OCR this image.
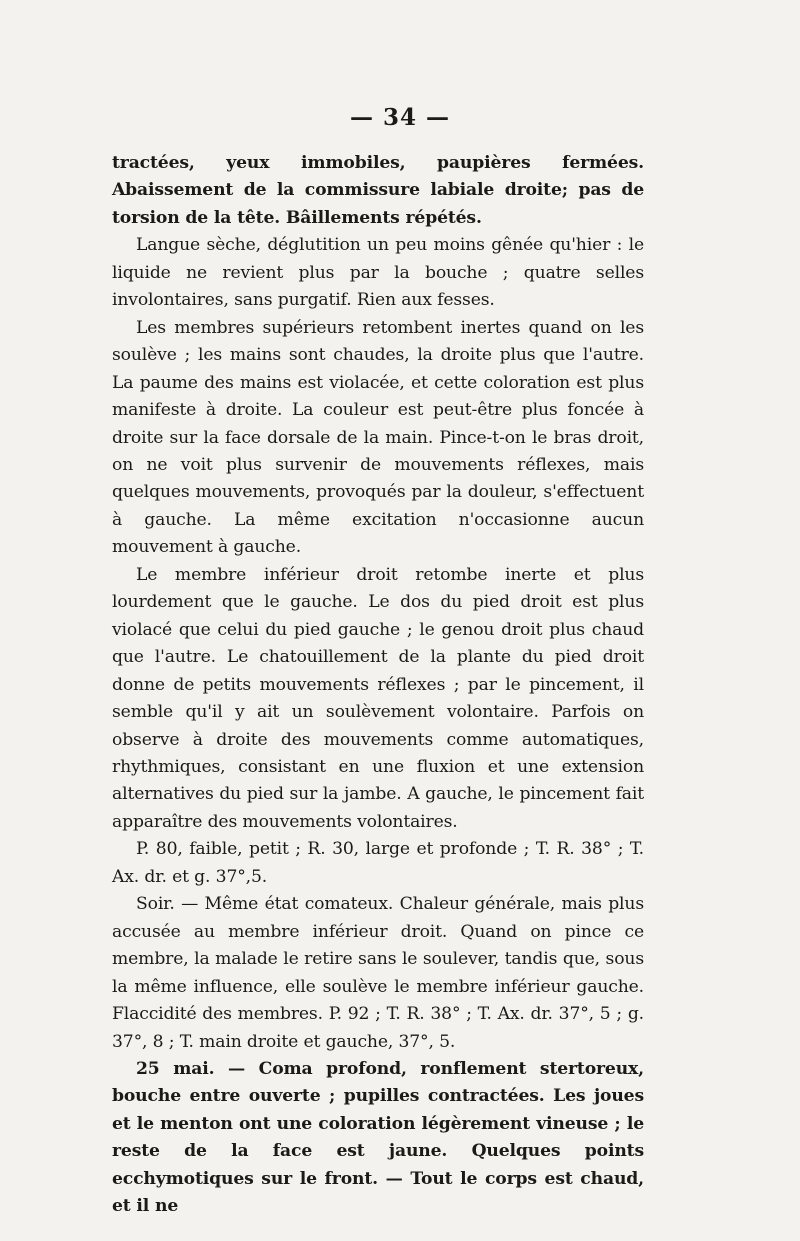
— 34 —

tractées, yeux immobiles, paupières fermées. Abaissement de la commissure labiale droite; pas de torsion de la tête. Bâillements répétés.

Langue sèche, déglutition un peu moins gênée qu'hier : le liquide ne revient plus par la bouche ; quatre selles involontaires, sans purgatif. Rien aux fesses.

Les membres supérieurs retombent inertes quand on les soulève ; les mains sont chaudes, la droite plus que l'autre. La paume des mains est violacée, et cette coloration est plus manifeste à droite. La couleur est peut-être plus foncée à droite sur la face dorsale de la main. Pince-t-on le bras droit, on ne voit plus survenir de mouvements réflexes, mais quelques mouvements, provoqués par la douleur, s'effectuent à gauche. La même excitation n'occasionne aucun mouvement à gauche.

Le membre inférieur droit retombe inerte et plus lourdement que le gauche. Le dos du pied droit est plus violacé que celui du pied gauche ; le genou droit plus chaud que l'autre. Le chatouillement de la plante du pied droit donne de petits mouvements réflexes ; par le pincement, il semble qu'il y ait un soulèvement volontaire. Parfois on observe à droite des mouvements comme automatiques, rhythmiques, consistant en une fluxion et une extension alternatives du pied sur la jambe. A gauche, le pincement fait apparaître des mouvements volontaires.

P. 80, faible, petit ; R. 30, large et profonde ; T. R. 38° ; T. Ax. dr. et g. 37°,5.

Soir. — Même état comateux. Chaleur générale, mais plus accusée au membre inférieur droit. Quand on pince ce membre, la malade le retire sans le soulever, tandis que, sous la même influence, elle soulève le membre inférieur gauche. Flaccidité des membres. P. 92 ; T. R. 38° ; T. Ax. dr. 37°, 5 ; g. 37°, 8 ; T. main droite et gauche, 37°, 5.

25 mai. — Coma profond, ronflement stertoreux, bouche entre ouverte ; pupilles contractées. Les joues et le menton ont une coloration légèrement vineuse ; le reste de la face est jaune. Quelques points ecchymotiques sur le front. — Tout le corps est chaud, et il ne
